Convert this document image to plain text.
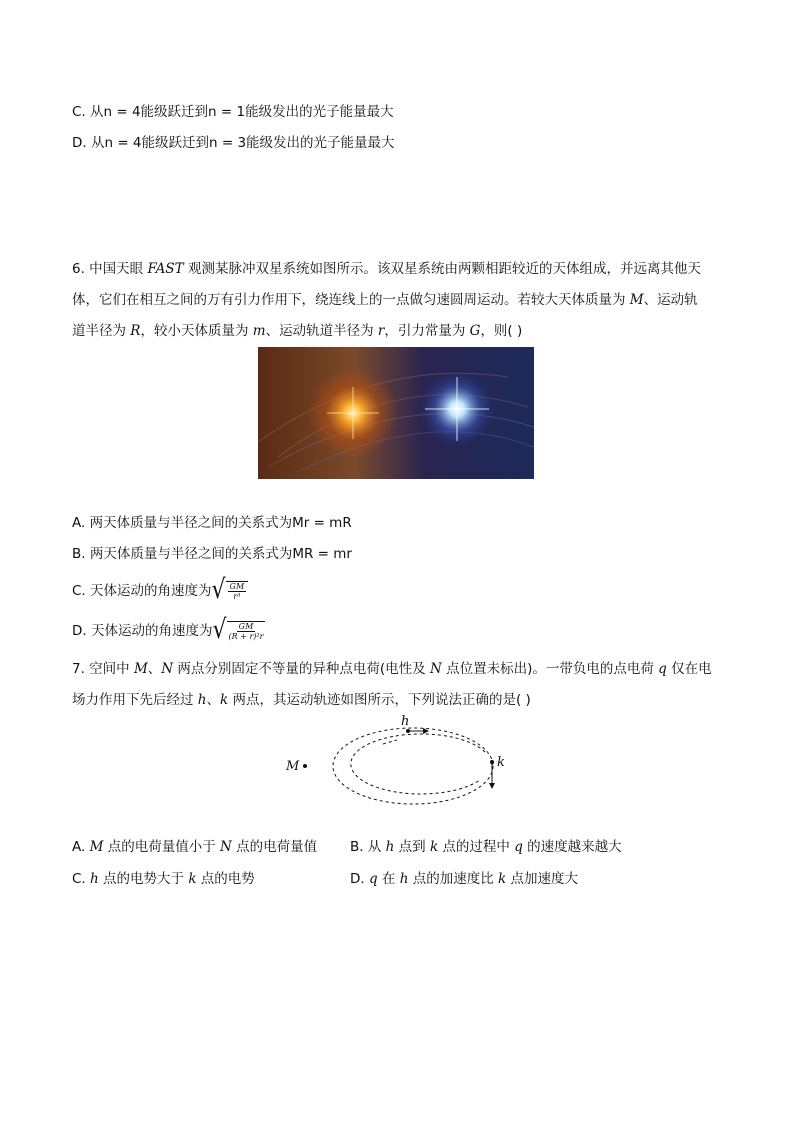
C. 从n = 4能级跃迁到n = 1能级发出的光子能量最大
D. 从n = 4能级跃迁到n = 3能级发出的光子能量最大
6. 中国天眼 FAST 观测某脉冲双星系统如图所示。该双星系统由两颗相距较近的天体组成，并远离其他天
体，它们在相互之间的万有引力作用下，绕连线上的一点做匀速圆周运动。若较大天体质量为 M、运动轨
道半径为 R，较小天体质量为 m、运动轨道半径为 r，引力常量为 G，则( )
A. 两天体质量与半径之间的关系式为Mr = mR
B. 两天体质量与半径之间的关系式为MR = mr
C. 天体运动的角速度为 √ $\frac{GM}{\text{r³}}$
D. 天体运动的角速度为 √ $\frac{GM}{\text{(R + r)²r}}$
7. 空间中 M、N 两点分别固定不等量的异种点电荷(电性及 N 点位置未标出)。一带负电的点电荷 q 仅在电
场力作用下先后经过 h、k 两点，其运动轨迹如图所示，下列说法正确的是( )
M
h
k
A. M 点的电荷量值小于 N 点的电荷量值 B. 从 h 点到 k 点的过程中 q 的速度越来越大
C. h 点的电势大于 k 点的电势	D. q 在 h 点的加速度比 k 点加速度大
